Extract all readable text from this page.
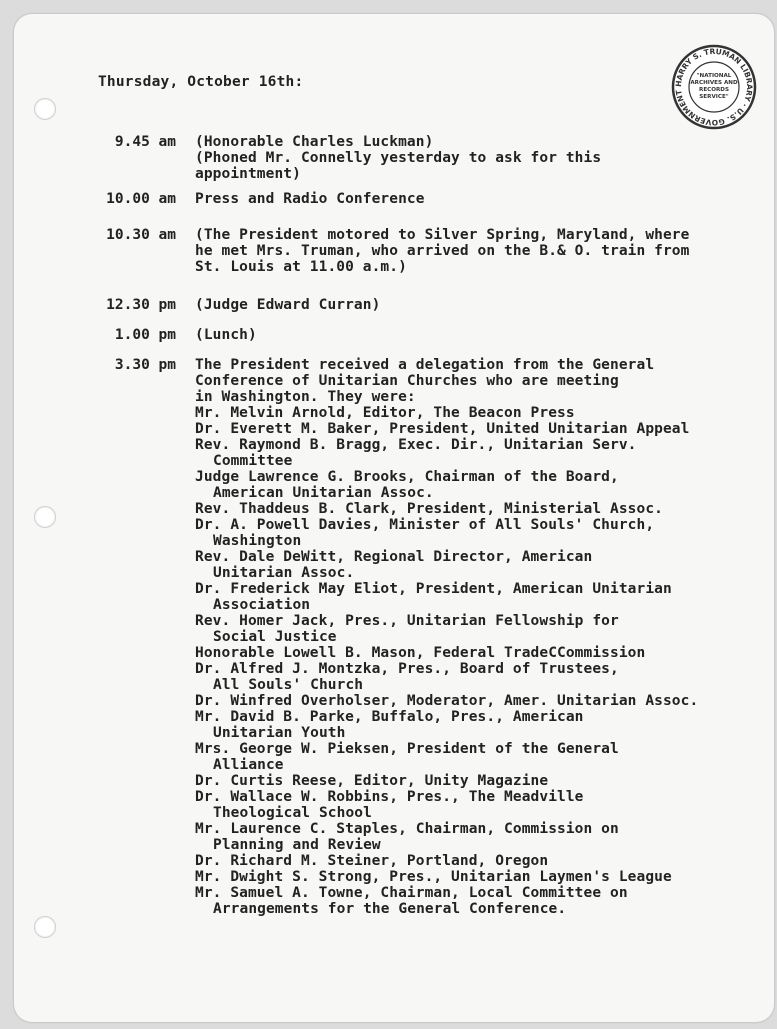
HARRY S. TRUMAN LIBRARY · U.S. GOVERNMENT
"NATIONAL
ARCHIVES AND
RECORDS
SERVICE"
Thursday, October 16th:
9.45 am (Honorable Charles Luckman)
(Phoned Mr. Connelly yesterday to ask for this
appointment)
10.00 am Press and Radio Conference
10.30 am (The President motored to Silver Spring, Maryland, where
he met Mrs. Truman, who arrived on the B.& O. train from
St. Louis at 11.00 a.m.)
12.30 pm (Judge Edward Curran)
1.00 pm (Lunch)
3.30 pm The President received a delegation from the General
Conference of Unitarian Churches who are meeting
in Washington. They were:
Mr. Melvin Arnold, Editor, The Beacon Press
Dr. Everett M. Baker, President, United Unitarian Appeal
Rev. Raymond B. Bragg, Exec. Dir., Unitarian Serv.
Committee
Judge Lawrence G. Brooks, Chairman of the Board,
American Unitarian Assoc.
Rev. Thaddeus B. Clark, President, Ministerial Assoc.
Dr. A. Powell Davies, Minister of All Souls' Church,
Washington
Rev. Dale DeWitt, Regional Director, American
Unitarian Assoc.
Dr. Frederick May Eliot, President, American Unitarian
Association
Rev. Homer Jack, Pres., Unitarian Fellowship for
Social Justice
Honorable Lowell B. Mason, Federal TradeCCommission
Dr. Alfred J. Montzka, Pres., Board of Trustees,
All Souls' Church
Dr. Winfred Overholser, Moderator, Amer. Unitarian Assoc.
Mr. David B. Parke, Buffalo, Pres., American
Unitarian Youth
Mrs. George W. Pieksen, President of the General
Alliance
Dr. Curtis Reese, Editor, Unity Magazine
Dr. Wallace W. Robbins, Pres., The Meadville
Theological School
Mr. Laurence C. Staples, Chairman, Commission on
Planning and Review
Dr. Richard M. Steiner, Portland, Oregon
Mr. Dwight S. Strong, Pres., Unitarian Laymen's League
Mr. Samuel A. Towne, Chairman, Local Committee on
Arrangements for the General Conference.
